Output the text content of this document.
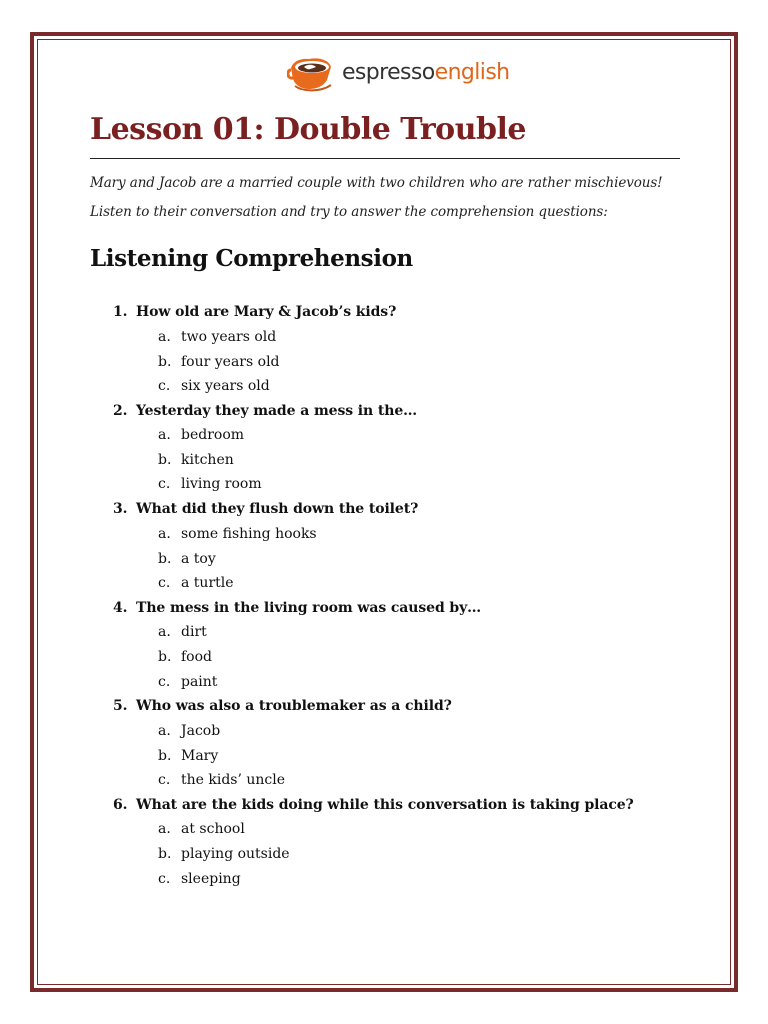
espressoenglish
Lesson 01: Double Trouble

Mary and Jacob are a married couple with two children who are rather mischievous!

Listen to their conversation and try to answer the comprehension questions:

Listening Comprehension
1. How old are Mary & Jacob’s kids?
a. two years old
b. four years old
c. six years old
2. Yesterday they made a mess in the…
a. bedroom
b. kitchen
c. living room
3. What did they flush down the toilet?
a. some fishing hooks
b. a toy
c. a turtle
4. The mess in the living room was caused by…
a. dirt
b. food
c. paint
5. Who was also a troublemaker as a child?
a. Jacob
b. Mary
c. the kids’ uncle
6. What are the kids doing while this conversation is taking place?
a. at school
b. playing outside
c. sleeping
